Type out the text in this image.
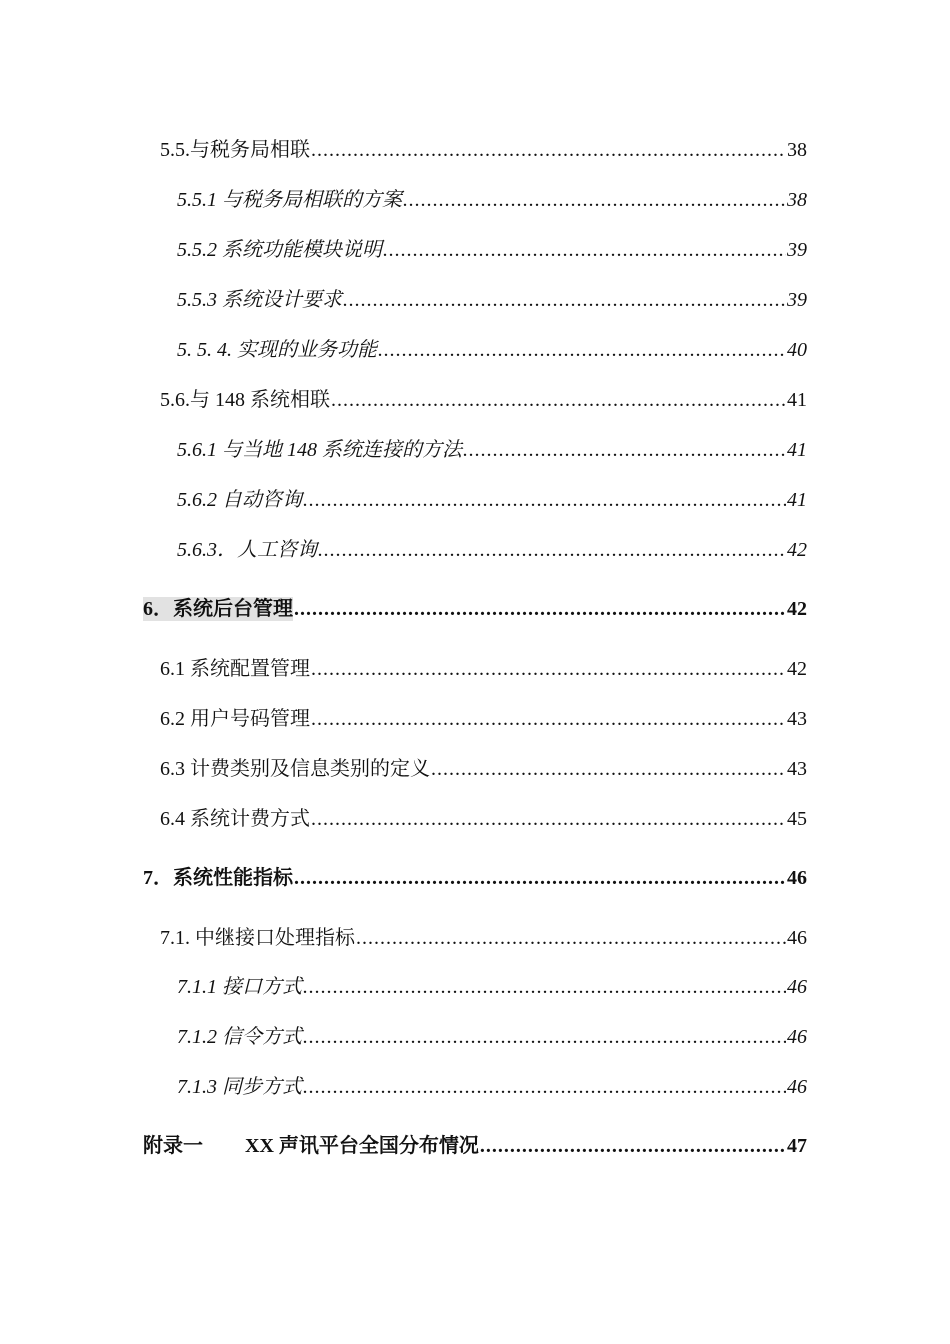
5.5.与税务局相联 .....	38
5.5.1 与税务局相联的方案 .....	38
5.5.2 系统功能模块说明 .....	39
5.5.3 系统设计要求 .....	39
5. 5. 4. 实现的业务功能 .....	40
5.6.与 148 系统相联 .....	41
5.6.1 与当地 148 系统连接的方法 .....	41
5.6.2 自动咨询 .....	41
5.6.3．人工咨询 .....	42
6．系统后台管理 .....	42
6.1 系统配置管理 .....	42
6.2 用户号码管理 .....	43
6.3 计费类别及信息类别的定义 .....	43
6.4 系统计费方式 .....	45
7．系统性能指标 .....	46
7.1. 中继接口处理指标 .....	46
7.1.1 接口方式 .....	46
7.1.2 信令方式 .....	46
7.1.3 同步方式 .....	46
附录一 XX 声讯平台全国分布情况 .....	47
